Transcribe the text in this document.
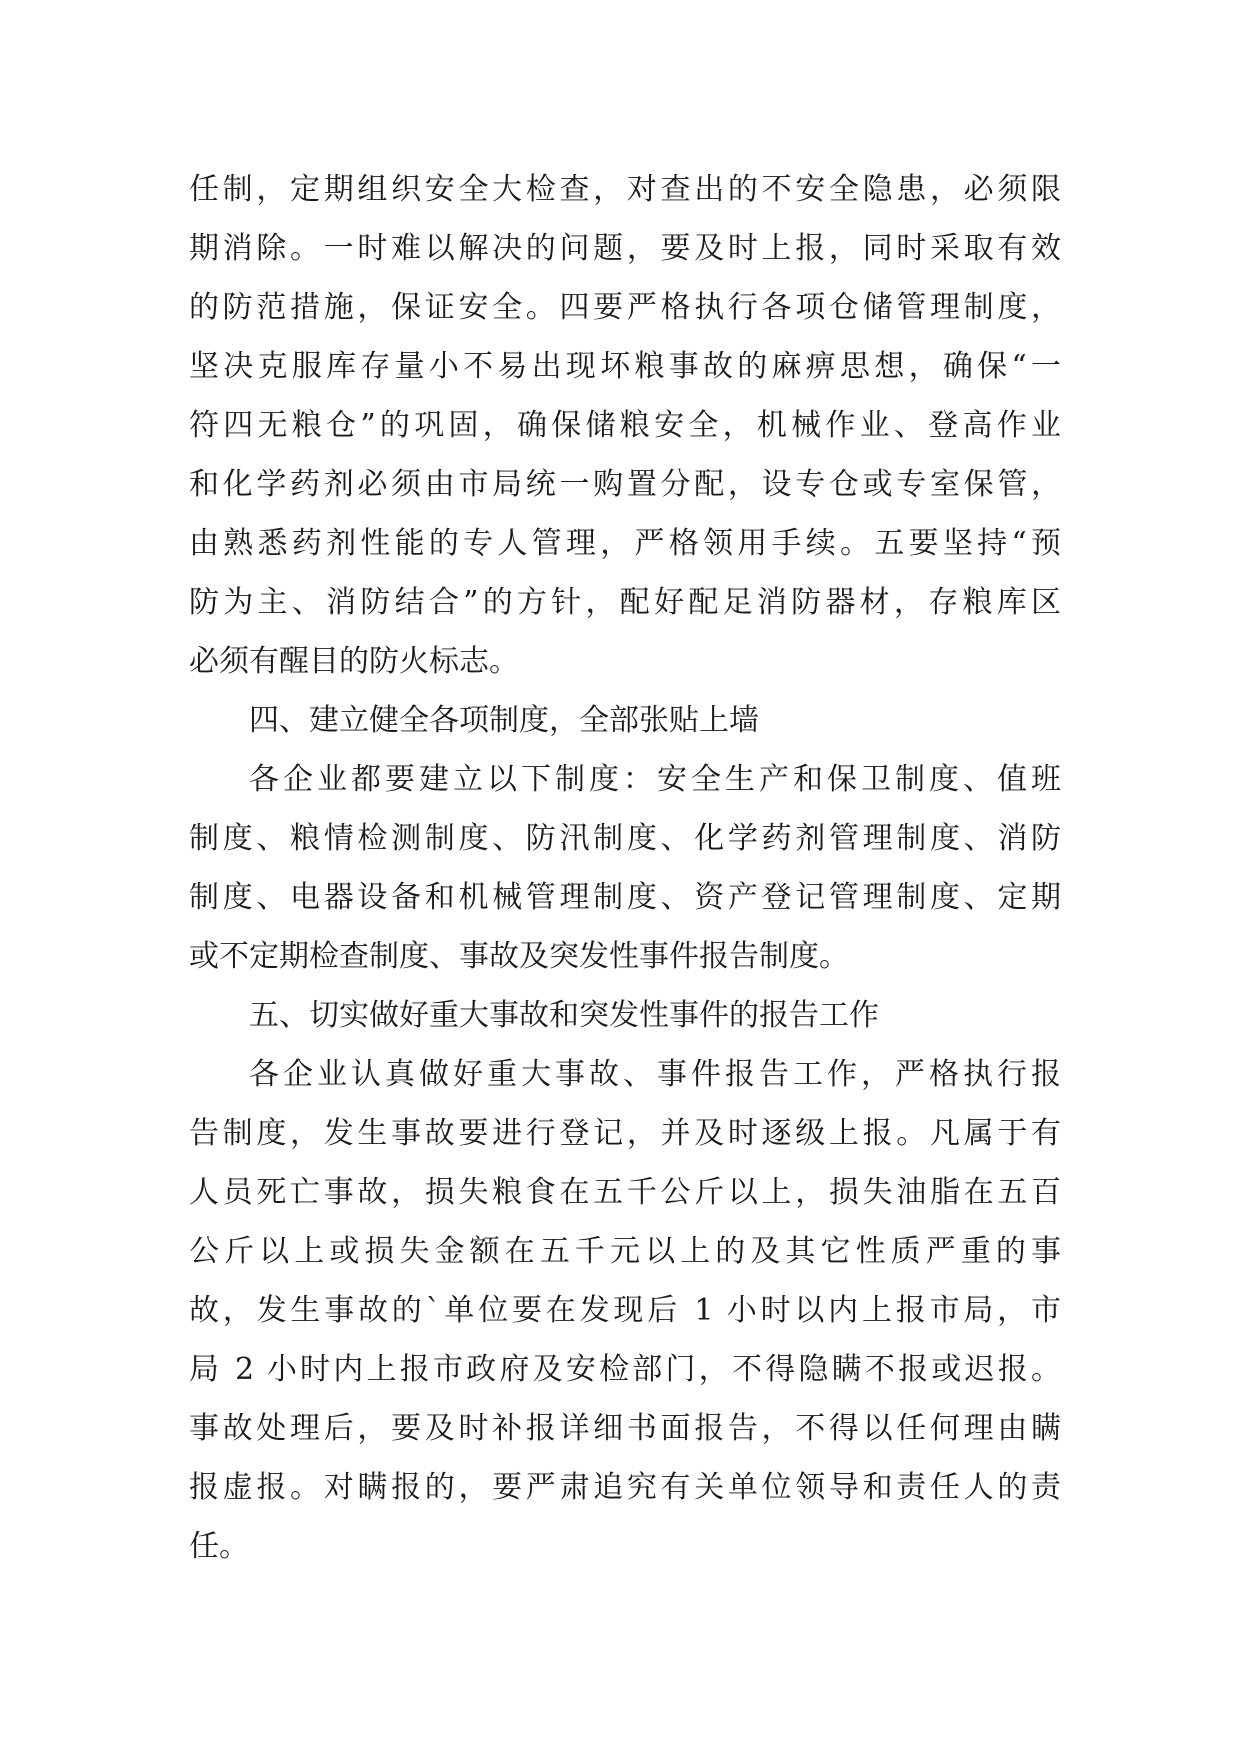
任制，定期组织安全大检查，对查出的不安全隐患，必须限
期消除。一时难以解决的问题，要及时上报，同时采取有效
的防范措施，保证安全。四要严格执行各项仓储管理制度，
坚决克服库存量小不易出现坏粮事故的麻痹思想，确保“一
符四无粮仓”的巩固，确保储粮安全，机械作业、登高作业
和化学药剂必须由市局统一购置分配，设专仓或专室保管，
由熟悉药剂性能的专人管理，严格领用手续。五要坚持“预
防为主、消防结合”的方针，配好配足消防器材，存粮库区
必须有醒目的防火标志。
四、建立健全各项制度，全部张贴上墙
各企业都要建立以下制度：安全生产和保卫制度、值班
制度、粮情检测制度、防汛制度、化学药剂管理制度、消防
制度、电器设备和机械管理制度、资产登记管理制度、定期
或不定期检查制度、事故及突发性事件报告制度。
五、切实做好重大事故和突发性事件的报告工作
各企业认真做好重大事故、事件报告工作，严格执行报
告制度，发生事故要进行登记，并及时逐级上报。凡属于有
人员死亡事故，损失粮食在五千公斤以上，损失油脂在五百
公斤以上或损失金额在五千元以上的及其它性质严重的事
故，发生事故的`单位要在发现后 1 小时以内上报市局，市
局 2 小时内上报市政府及安检部门，不得隐瞒不报或迟报。
事故处理后，要及时补报详细书面报告，不得以任何理由瞒
报虚报。对瞒报的，要严肃追究有关单位领导和责任人的责
任。
